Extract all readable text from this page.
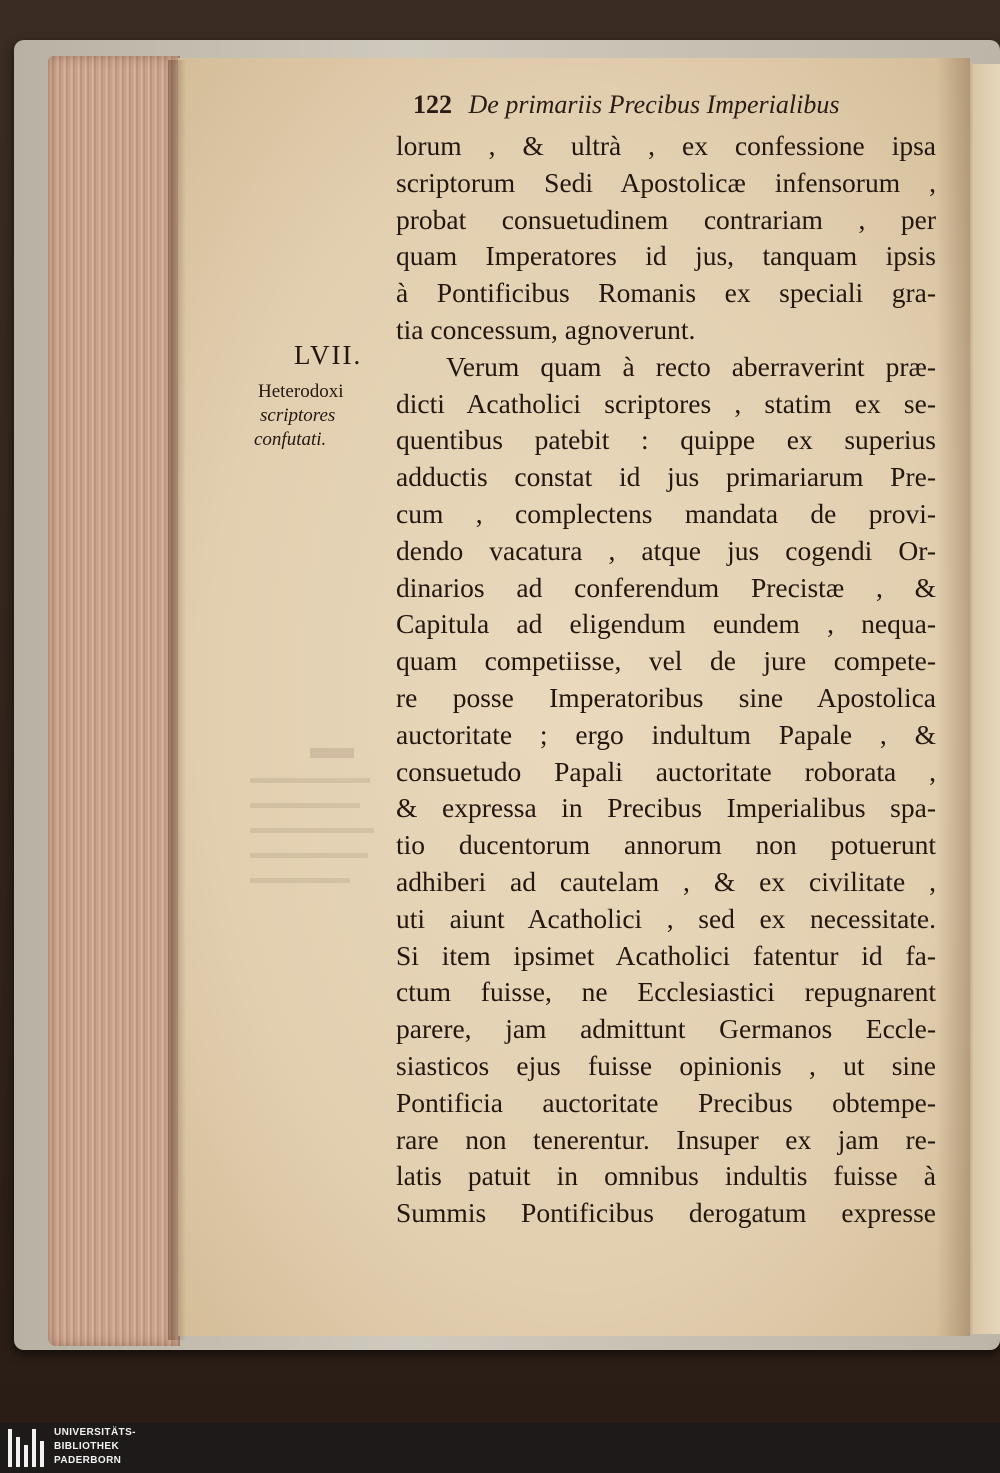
122 De primariis Precibus Imperialibus
LVII.
Heterodoxi
scriptores
confutati.
lorum , & ultrà , ex confessione ipsa
scriptorum Sedi Apostolicæ infensorum ,
probat consuetudinem contrariam , per
quam Imperatores id jus, tanquam ipsis
à Pontificibus Romanis ex speciali gra-
tia concessum, agnoverunt.
Verum quam à recto aberraverint præ-
dicti Acatholici scriptores , statim ex se-
quentibus patebit : quippe ex superius
adductis constat id jus primariarum Pre-
cum , complectens mandata de provi-
dendo vacatura , atque jus cogendi Or-
dinarios ad conferendum Precistæ , &
Capitula ad eligendum eundem , nequa-
quam competiisse, vel de jure compete-
re posse Imperatoribus sine Apostolica
auctoritate ; ergo indultum Papale , &
consuetudo Papali auctoritate roborata ,
& expressa in Precibus Imperialibus spa-
tio ducentorum annorum non potuerunt
adhiberi ad cautelam , & ex civilitate ,
uti aiunt Acatholici , sed ex necessitate.
Si item ipsimet Acatholici fatentur id fa-
ctum fuisse, ne Ecclesiastici repugnarent
parere, jam admittunt Germanos Eccle-
siasticos ejus fuisse opinionis , ut sine
Pontificia auctoritate Precibus obtempe-
rare non tenerentur. Insuper ex jam re-
latis patuit in omnibus indultis fuisse à
Summis Pontificibus derogatum expresse
UNIVERSITÄTS-
BIBLIOTHEK
PADERBORN
